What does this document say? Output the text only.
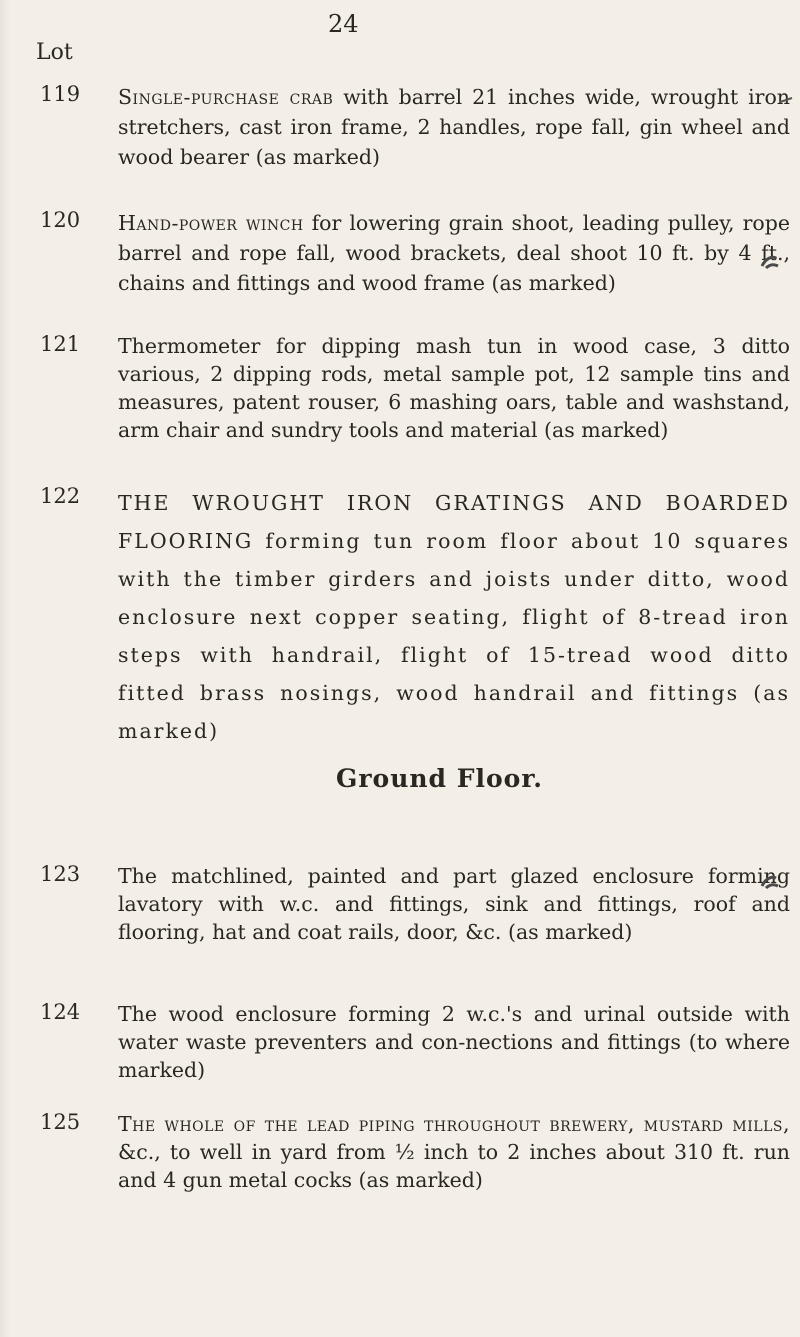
24
Lot
119	Single-purchase crab with barrel 21 inches wide, wrought iron stretchers, cast iron frame, 2 handles, rope fall, gin wheel and wood bearer (as marked)
120	Hand-power winch for lowering grain shoot, leading pulley, rope barrel and rope fall, wood brackets, deal shoot 10 ft. by 4 ft., chains and fittings and wood frame (as marked)
121	Thermometer for dipping mash tun in wood case, 3 ditto various, 2 dipping rods, metal sample pot, 12 sample tins and measures, patent rouser, 6 mashing oars, table and washstand, arm chair and sundry tools and material (as marked)
122	THE WROUGHT IRON GRATINGS AND BOARDED FLOORING forming tun room floor about 10 squares with the timber girders and joists under ditto, wood enclosure next copper seating, flight of 8-tread iron steps with handrail, flight of 15-tread wood ditto fitted brass nosings, wood handrail and fittings (as marked)
Ground Floor.
123	The matchlined, painted and part glazed enclosure forming lavatory with w.c. and fittings, sink and fittings, roof and flooring, hat and coat rails, door, &c. (as marked)
124	The wood enclosure forming 2 w.c.'s and urinal outside with water waste preventers and con-nections and fittings (to where marked)
125	The whole of the lead piping throughout brewery, mustard mills, &c., to well in yard from ½ inch to 2 inches about 310 ft. run and 4 gun metal cocks (as marked)
